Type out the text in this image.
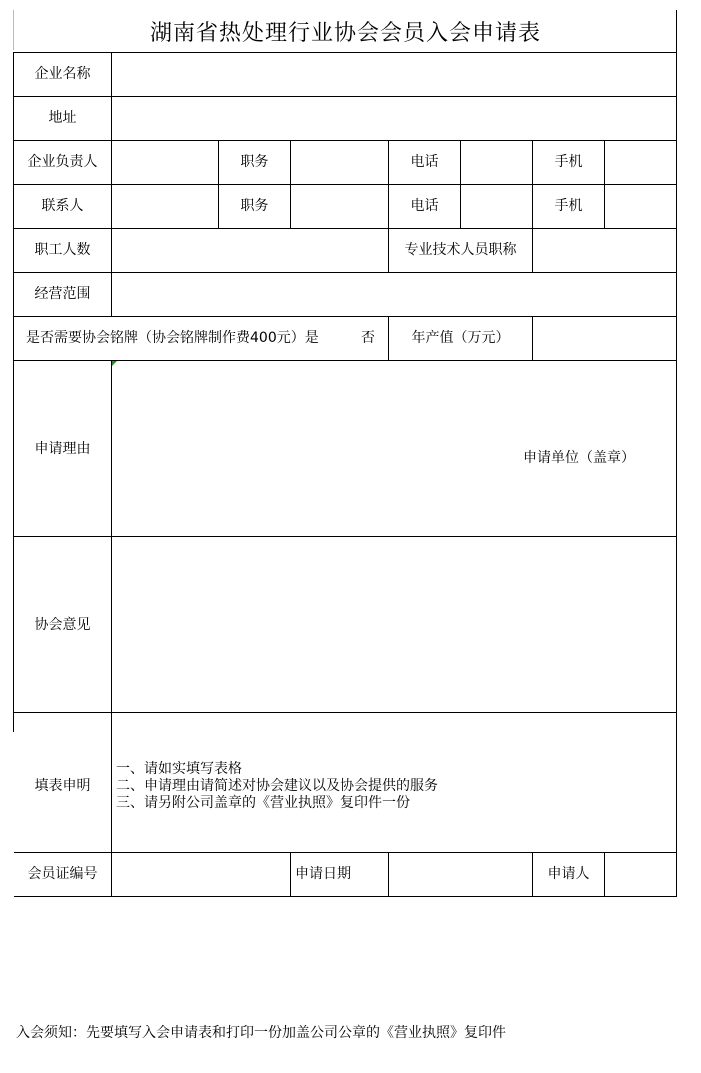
湖南省热处理行业协会会员入会申请表
企业名称
地址
企业负责人	职务	电话	手机
联系人	职务	电话	手机
职工人数	专业技术人员职称
经营范围
是否需要协会铭牌（协会铭牌制作费400元）是	否	年产值（万元）
申请理由
申请单位（盖章）
协会意见
填表申明
一、请如实填写表格
二、申请理由请简述对协会建议以及协会提供的服务
三、请另附公司盖章的《营业执照》复印件一份
会员证编号	申请日期	申请人
入会须知：先要填写入会申请表和打印一份加盖公司公章的《营业执照》复印件
